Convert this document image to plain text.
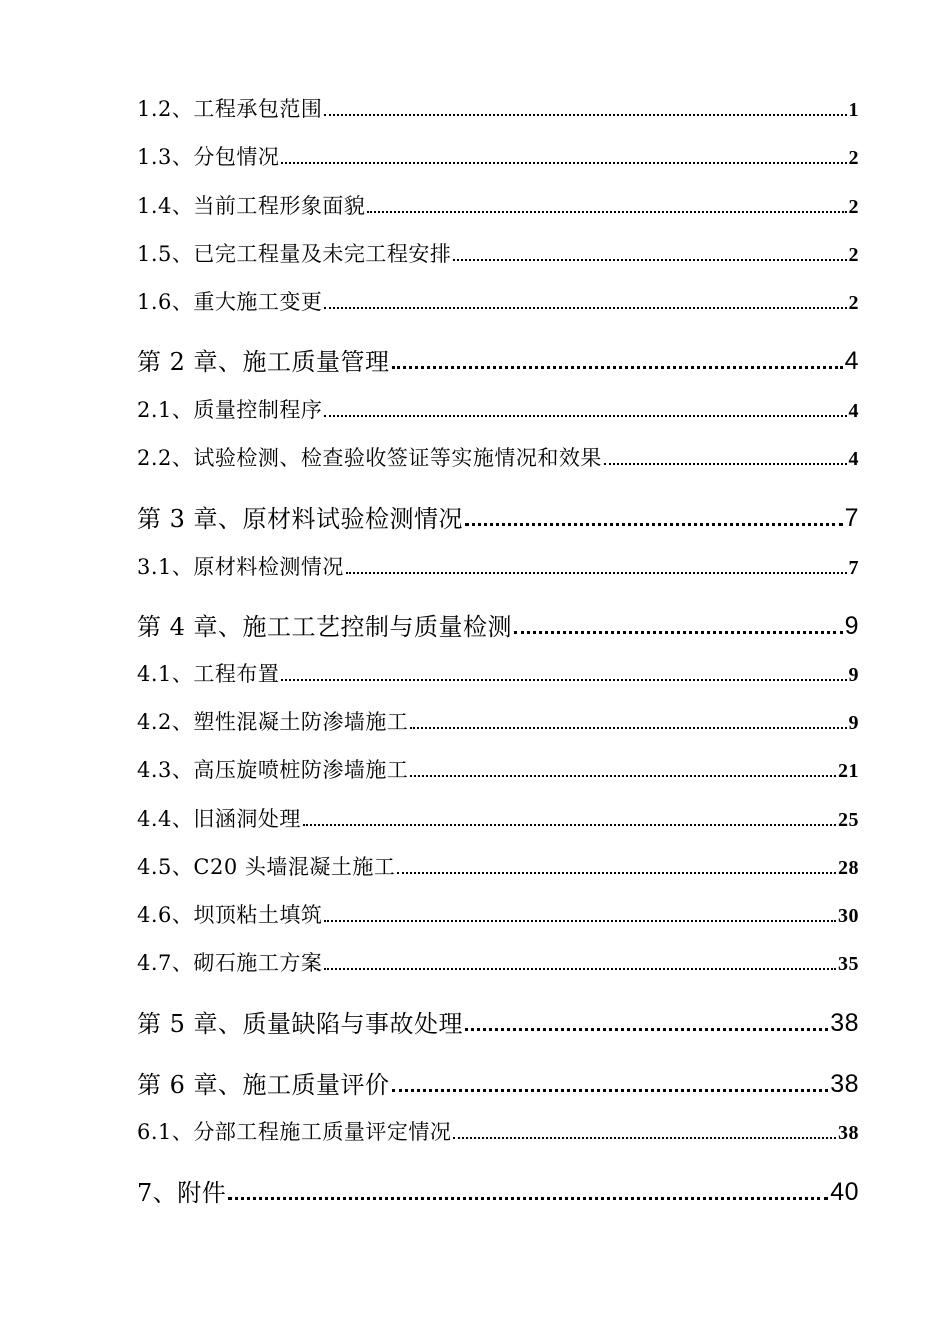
1.2、工程承包范围	1
1.3、分包情况	2
1.4、当前工程形象面貌	2
1.5、已完工程量及未完工程安排	2
1.6、重大施工变更	2
第 2 章、施工质量管理	4
2.1、质量控制程序	4
2.2、试验检测、检查验收签证等实施情况和效果	4
第 3 章、原材料试验检测情况	7
3.1、原材料检测情况	7
第 4 章、施工工艺控制与质量检测	9
4.1、工程布置	9
4.2、塑性混凝土防渗墙施工	9
4.3、高压旋喷桩防渗墙施工	21
4.4、旧涵洞处理	25
4.5、C20 头墙混凝土施工	28
4.6、坝顶粘土填筑	30
4.7、砌石施工方案	35
第 5 章、质量缺陷与事故处理	38
第 6 章、施工质量评价	38
6.1、分部工程施工质量评定情况	38
7、附件	40
